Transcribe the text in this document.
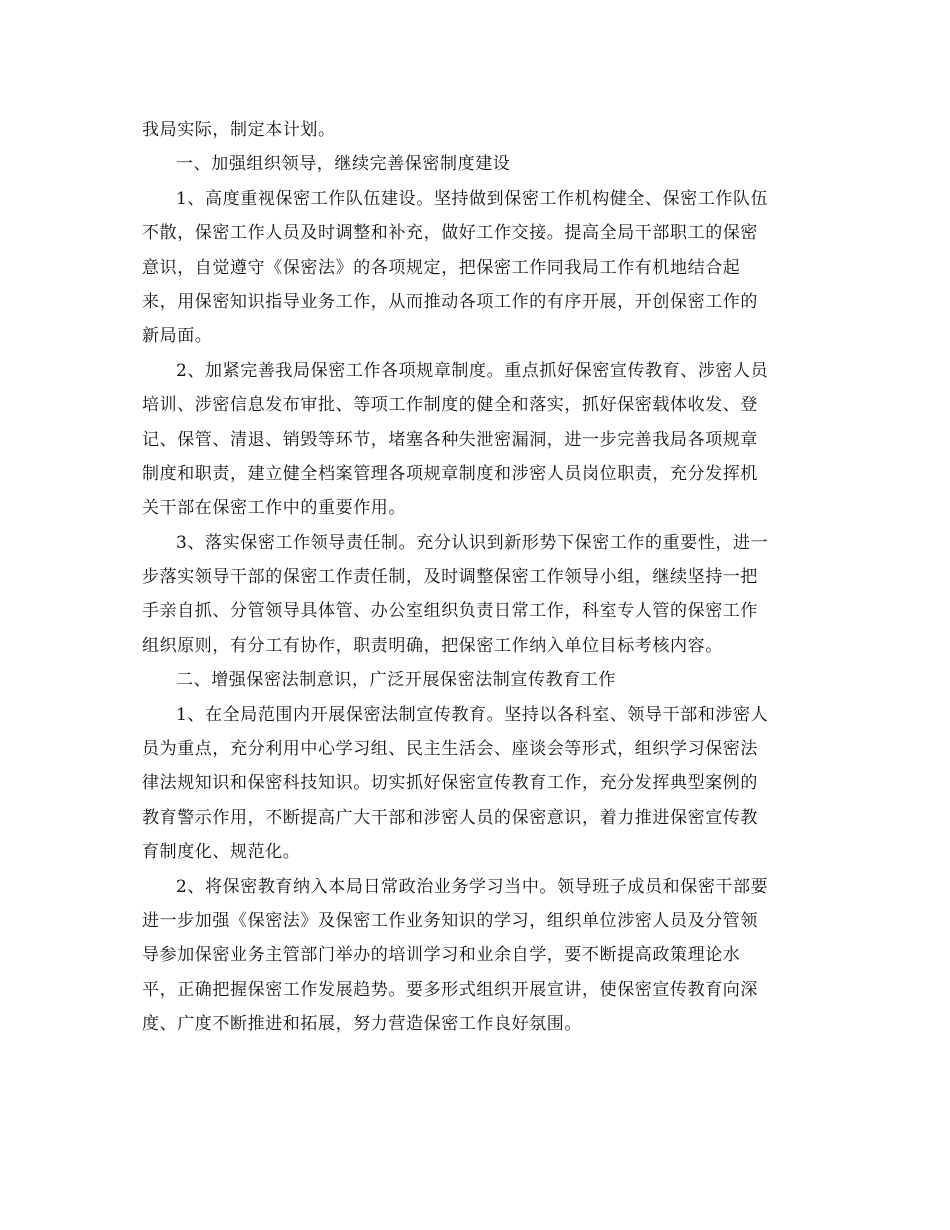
我局实际，制定本计划。
一、加强组织领导，继续完善保密制度建设
1、高度重视保密工作队伍建设。坚持做到保密工作机构健全、保密工作队伍
不散，保密工作人员及时调整和补充，做好工作交接。提高全局干部职工的保密
意识，自觉遵守《保密法》的各项规定，把保密工作同我局工作有机地结合起
来，用保密知识指导业务工作，从而推动各项工作的有序开展，开创保密工作的
新局面。
2、加紧完善我局保密工作各项规章制度。重点抓好保密宣传教育、涉密人员
培训、涉密信息发布审批、等项工作制度的健全和落实，抓好保密载体收发、登
记、保管、清退、销毁等环节，堵塞各种失泄密漏洞，进一步完善我局各项规章
制度和职责，建立健全档案管理各项规章制度和涉密人员岗位职责，充分发挥机
关干部在保密工作中的重要作用。
3、落实保密工作领导责任制。充分认识到新形势下保密工作的重要性，进一
步落实领导干部的保密工作责任制，及时调整保密工作领导小组，继续坚持一把
手亲自抓、分管领导具体管、办公室组织负责日常工作，科室专人管的保密工作
组织原则，有分工有协作，职责明确，把保密工作纳入单位目标考核内容。
二、增强保密法制意识，广泛开展保密法制宣传教育工作
1、在全局范围内开展保密法制宣传教育。坚持以各科室、领导干部和涉密人
员为重点，充分利用中心学习组、民主生活会、座谈会等形式，组织学习保密法
律法规知识和保密科技知识。切实抓好保密宣传教育工作，充分发挥典型案例的
教育警示作用，不断提高广大干部和涉密人员的保密意识，着力推进保密宣传教
育制度化、规范化。
2、将保密教育纳入本局日常政治业务学习当中。领导班子成员和保密干部要
进一步加强《保密法》及保密工作业务知识的学习，组织单位涉密人员及分管领
导参加保密业务主管部门举办的培训学习和业余自学，要不断提高政策理论水
平，正确把握保密工作发展趋势。要多形式组织开展宣讲，使保密宣传教育向深
度、广度不断推进和拓展，努力营造保密工作良好氛围。
